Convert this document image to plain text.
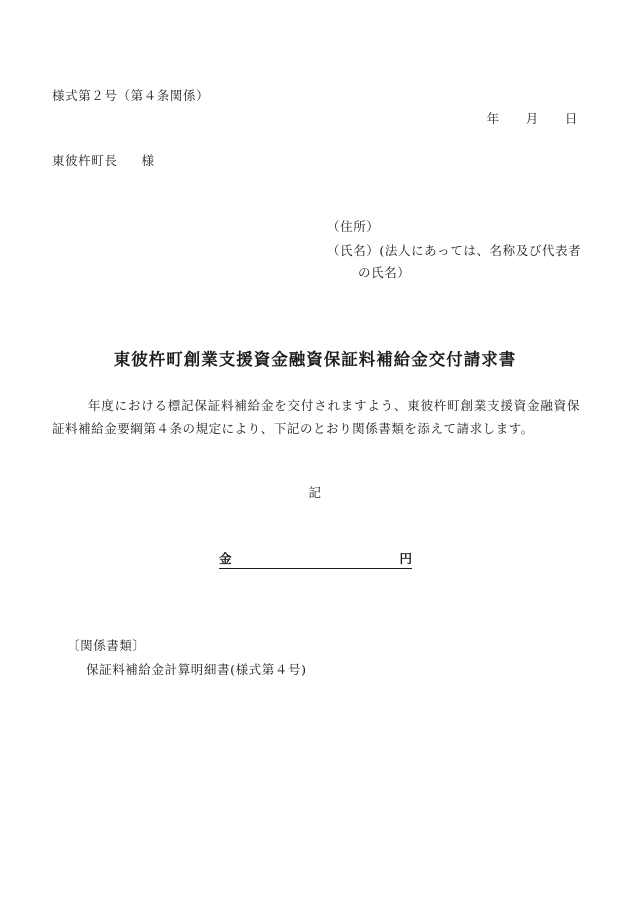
様式第２号（第４条関係）
年 月 日
東彼杵町長 様
（住所）
（氏名）(法人にあっては、名称及び代表者
の氏名）
東彼杵町創業支援資金融資保証料補給金交付請求書
年度における標記保証料補給金を交付されますよう、東彼杵町創業支援資金融資保証料補給金要綱第４条の規定により、下記のとおり関係書類を添えて請求します。
記
金	円
〔関係書類〕
保証料補給金計算明細書(様式第４号)
